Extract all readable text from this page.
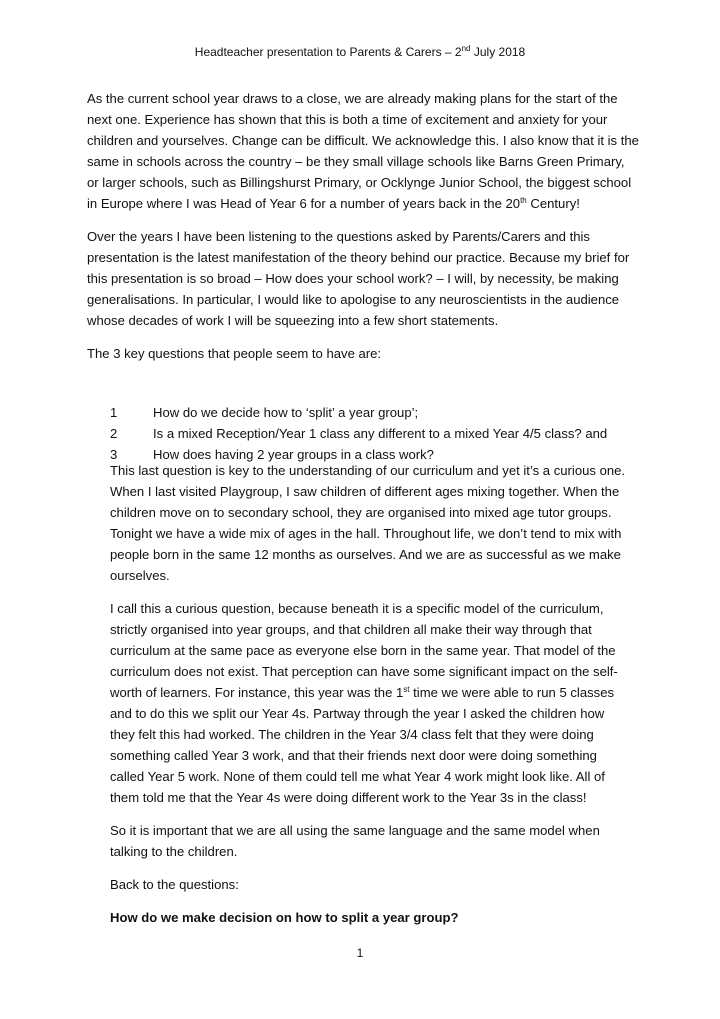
Headteacher presentation to Parents & Carers – 2nd July 2018

As the current school year draws to a close, we are already making plans for the start of the next one. Experience has shown that this is both a time of excitement and anxiety for your children and yourselves. Change can be difficult. We acknowledge this. I also know that it is the same in schools across the country – be they small village schools like Barns Green Primary, or larger schools, such as Billingshurst Primary, or Ocklynge Junior School, the biggest school in Europe where I was Head of Year 6 for a number of years back in the 20th Century!

Over the years I have been listening to the questions asked by Parents/Carers and this presentation is the latest manifestation of the theory behind our practice. Because my brief for this presentation is so broad – How does your school work? – I will, by necessity, be making generalisations. In particular, I would like to apologise to any neuroscientists in the audience whose decades of work I will be squeezing into a few short statements.

The 3 key questions that people seem to have are:

1	How do we decide how to ‘split’ a year group’;
2	Is a mixed Reception/Year 1 class any different to a mixed Year 4/5 class? and
3	How does having 2 year groups in a class work?

This last question is key to the understanding of our curriculum and yet it’s a curious one. When I last visited Playgroup, I saw children of different ages mixing together. When the children move on to secondary school, they are organised into mixed age tutor groups. Tonight we have a wide mix of ages in the hall. Throughout life, we don’t tend to mix with people born in the same 12 months as ourselves. And we are as successful as we make ourselves.

I call this a curious question, because beneath it is a specific model of the curriculum, strictly organised into year groups, and that children all make their way through that curriculum at the same pace as everyone else born in the same year. That model of the curriculum does not exist. That perception can have some significant impact on the self-worth of learners. For instance, this year was the 1st time we were able to run 5 classes and to do this we split our Year 4s. Partway through the year I asked the children how they felt this had worked. The children in the Year 3/4 class felt that they were doing something called Year 3 work, and that their friends next door were doing something called Year 5 work. None of them could tell me what Year 4 work might look like. All of them told me that the Year 4s were doing different work to the Year 3s in the class!

So it is important that we are all using the same language and the same model when talking to the children.

Back to the questions:

How do we make decision on how to split a year group?

1
